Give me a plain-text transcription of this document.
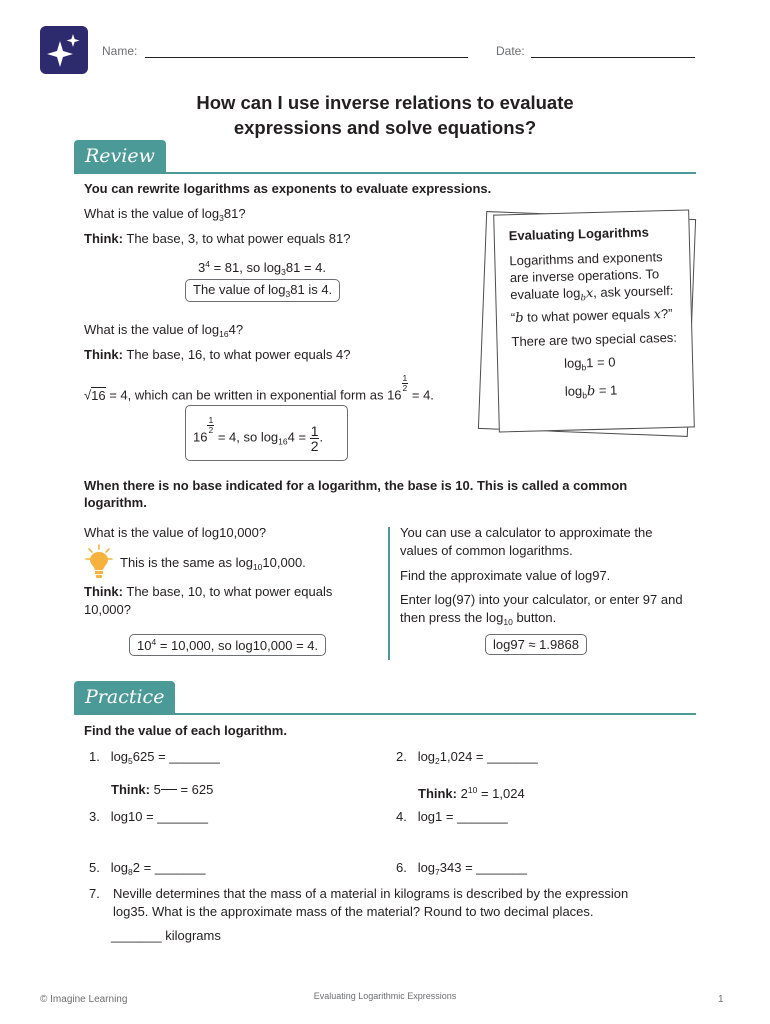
Name:	Date:
How can I use inverse relations to evaluate
expressions and solve equations?
Review
You can rewrite logarithms as exponents to evaluate expressions.
What is the value of $\log_381$?
Think: The base, 3, to what power equals 81?
$3^4 = 81$, so $\log_381 = 4$.
The value of $\log_381$ is 4.
What is the value of $\log_{16}4$?
Think: The base, 16, to what power equals 4?
√16 = 4, which can be written in exponential form as 16
$\frac{1}{2}$
= 4.
16
$\frac{1}{2}$
= 4, so $\log_{16}4 = \frac{1}{2}$ .

Evaluating Logarithms

Logarithms and exponents are inverse operations. To evaluate $\log_bx$, ask yourself: “b to what power equals x?”

There are two special cases:

$\log_b1 = 0$

$\log_bb = 1$

When there is no base indicated for a logarithm, the base is 10. This is called a common logarithm.
What is the value of log10,000?
This is the same as $\log_{10}10,000$.
Think: The base, 10, to what power equals 10,000?
$10^4 = 10,000$, so log10,000 = 4.
You can use a calculator to approximate the values of common logarithms.
Find the approximate value of log97.
Enter log(97) into your calculator, or enter 97 and then press the $\log_{10}$ button.
log97 ≈ 1.9868
Practice
Find the value of each logarithm.
1. $\log_5625$ = _______
Think: 5 = 625
2. $\log_21,024$ = _______
Think: $2^{10} = 1,024$
3. log10 = _______	4. log1 = _______
5. $\log_82$ = _______	6. $\log_7343$ = _______
7. Neville determines that the mass of a material in kilograms is described by the expression
log35. What is the approximate mass of the material? Round to two decimal places.
_______ kilograms
© Imagine Learning	Evaluating Logarithmic Expressions	1
